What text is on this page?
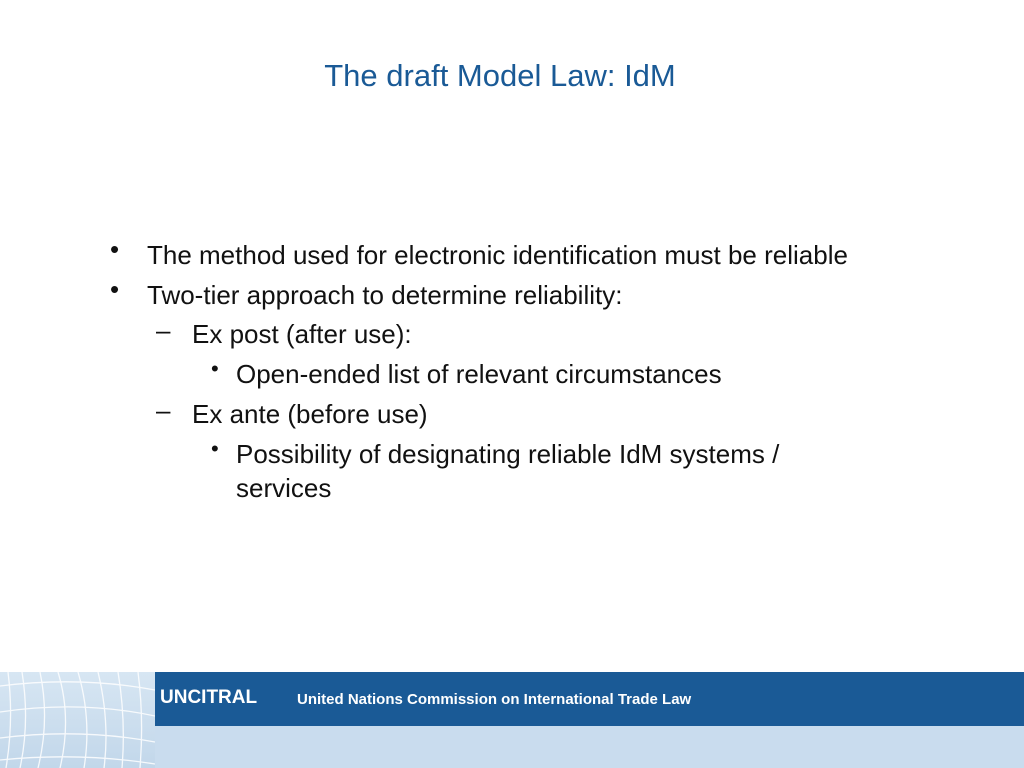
The draft Model Law: IdM
• The method used for electronic identification must be reliable
• Two-tier approach to determine reliability:
– Ex post (after use):
• Open-ended list of relevant circumstances
– Ex ante (before use)
• Possibility of designating reliable IdM systems / services
UNCITRAL	United Nations Commission on International Trade Law
